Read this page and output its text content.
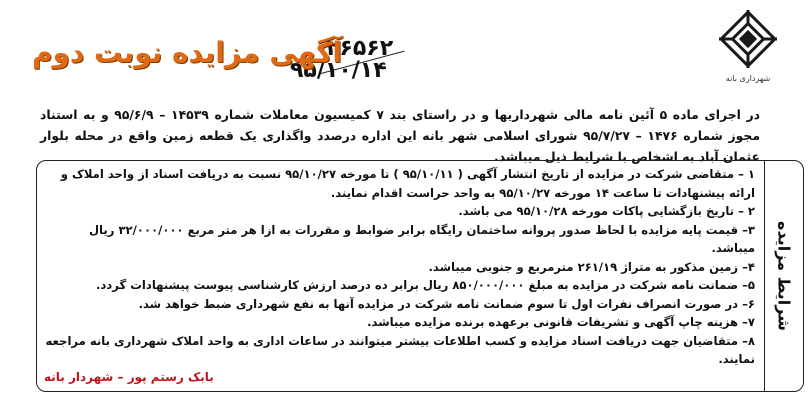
شهرداری بانه
۲۶۵۶۲
۹۵/۱۰/۱۴
آگهی مزایده نوبت دوم
در اجرای ماده ۵ آئین نامه مالی شهرداریها و در راستای بند ۷ کمیسیون معاملات شماره ۱۴۵۳۹ – ۹۵/۶/۹ و به استناد مجوز شماره ۱۴۷۶ – ۹۵/۷/۲۷ شورای اسلامی شهر بانه این اداره درصدد واگذاری یک قطعه زمین واقع در محله بلوار عثمان آباد به اشخاص با شرایط ذیل میباشد.
شرایط مزایده

۱ – متقاضی شرکت در مزایده از تاریخ انتشار آگهی ( ۹۵/۱۰/۱۱ ) تا مورخه ۹۵/۱۰/۲۷ نسبت به دریافت اسناد از واحد املاک و ارائه پیشنهادات تا ساعت ۱۴ مورخه ۹۵/۱۰/۲۷ به واحد حراست اقدام نمایند.

۲ – تاریخ بازگشایی پاکات مورخه ۹۵/۱۰/۲۸ می باشد.

۳– قیمت پایه مزایده با لحاظ صدور پروانه ساختمان رایگاه برابر ضوابط و مقررات به ازا هر متر مربع ۳۲/۰۰۰/۰۰۰ ریال میباشد.

۴– زمین مذکور به متراژ ۲۶۱/۱۹ مترمربع و جنوبی میباشد.

۵– ضمانت نامه شرکت در مزایده به مبلغ ۸۵۰/۰۰۰/۰۰۰ ریال برابر ده درصد ارزش کارشناسی پیوست پیشنهادات گردد.

۶– در صورت انصراف نفرات اول تا سوم ضمانت نامه شرکت در مزایده آنها به نفع شهرداری ضبط خواهد شد.

۷– هزینه چاپ آگهی و تشریفات قانونی برعهده برنده مزایده میباشد.

۸– متقاضیان جهت دریافت اسناد مزایده و کسب اطلاعات بیشتر میتوانند در ساعات اداری به واحد املاک شهرداری بانه مراجعه نمایند.

بابک رستم پور – شهردار بانه
